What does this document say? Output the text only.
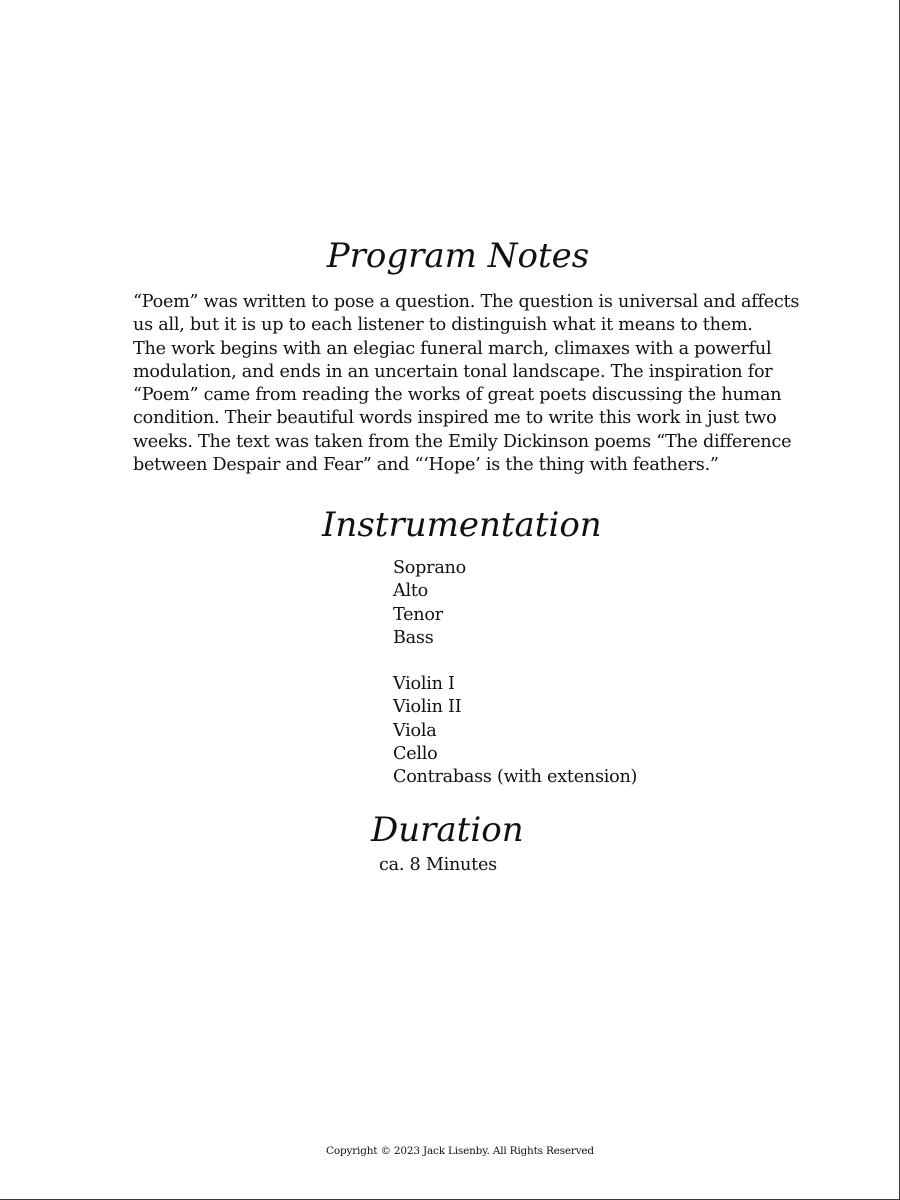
Program Notes

“Poem” was written to pose a question. The question is universal and affects
us all, but it is up to each listener to distinguish what it means to them.
The work begins with an elegiac funeral march, climaxes with a powerful
modulation, and ends in an uncertain tonal landscape. The inspiration for
“Poem” came from reading the works of great poets discussing the human
condition. Their beautiful words inspired me to write this work in just two
weeks. The text was taken from the Emily Dickinson poems “The difference
between Despair and Fear” and “‘Hope’ is the thing with feathers.”

Instrumentation
Soprano
Alto
Tenor
Bass
Violin I
Violin II
Viola
Cello
Contrabass (with extension)
Duration

ca. 8 Minutes

Copyright © 2023 Jack Lisenby. All Rights Reserved
